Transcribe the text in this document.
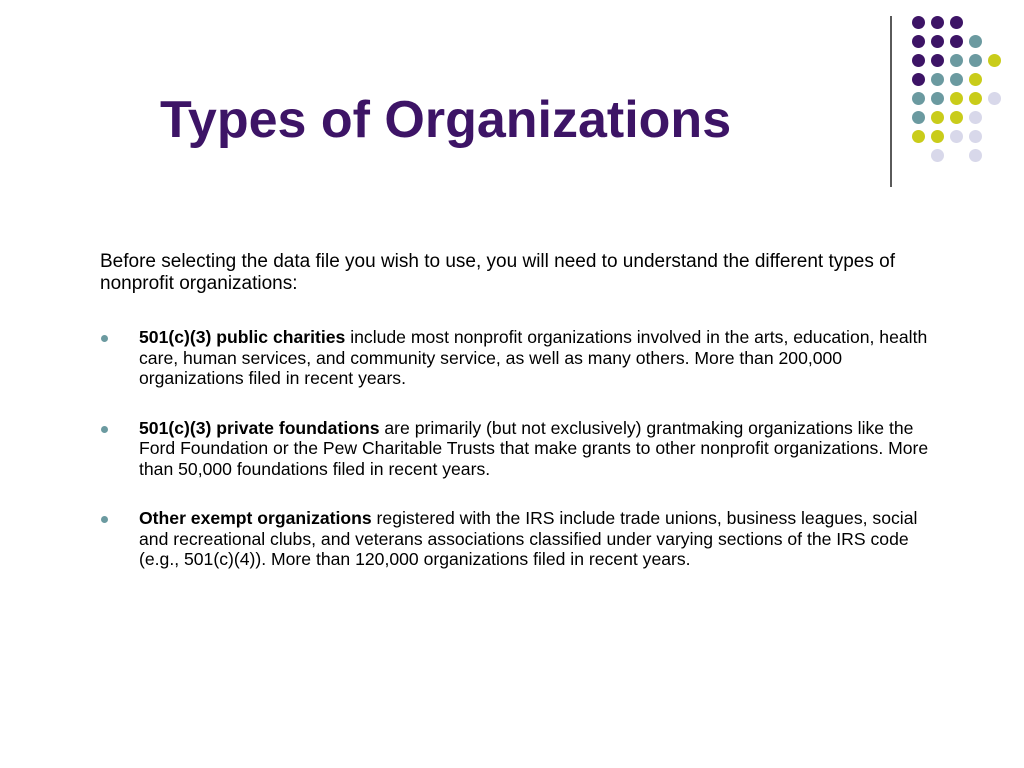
Types of Organizations

Before selecting the data file you wish to use, you will need to understand the different types of nonprofit organizations:

501(c)(3) public charities include most nonprofit organizations involved in the arts, education, health care, human services, and community service, as well as many others. More than 200,000 organizations filed in recent years.
501(c)(3) private foundations are primarily (but not exclusively) grantmaking organizations like the Ford Foundation or the Pew Charitable Trusts that make grants to other nonprofit organizations. More than 50,000 foundations filed in recent years.
Other exempt organizations registered with the IRS include trade unions, business leagues, social and recreational clubs, and veterans associations classified under varying sections of the IRS code (e.g., 501(c)(4)). More than 120,000 organizations filed in recent years.
